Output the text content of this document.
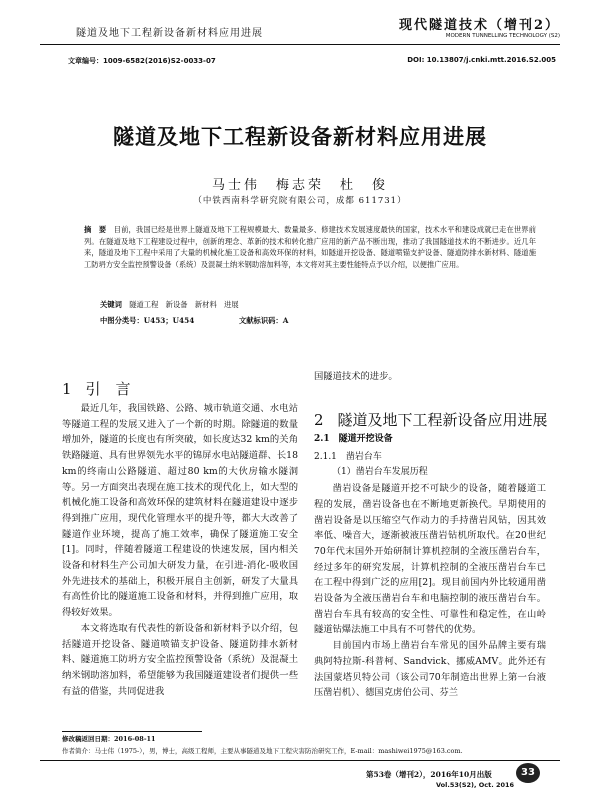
隧道及地下工程新设备新材料应用进展
现代隧道技术（增刊2）
MODERN TUNNELLING TECHNOLOGY (S2)
文章编号：1009-6582(2016)S2-0033-07	DOI: 10.13807/j.cnki.mtt.2016.S2.005
隧道及地下工程新设备新材料应用进展
马士伟　梅志荣　杜　俊
（中铁西南科学研究院有限公司，成都 611731）
摘　要　 目前，我国已经是世界上隧道及地下工程规模最大、数量最多、修建技术发展速度最快的国家，技术水平和建设成就已走在世界前列。在隧道及地下工程建设过程中，创新的理念、革新的技术和转化推广应用的新产品不断出现，推动了我国隧道技术的不断进步。近几年来，隧道及地下工程中采用了大量的机械化施工设备和高效环保的材料，如隧道开挖设备、隧道喷锚支护设备、隧道防排水新材料、隧道施工防坍方安全监控预警设备（系统）及混凝土纳米钢助溶加料等，本文将对其主要性能特点予以介绍，以便推广应用。
关键词　 隧道工程　新设备　新材料　进展
中图分类号：U453；U454	文献标识码：A
1 引　言

最近几年，我国铁路、公路、城市轨道交通、水电站等隧道工程的发展又进入了一个新的时期。除隧道的数量增加外，隧道的长度也有所突破，如长度达32 km的关角铁路隧道、具有世界领先水平的锦屏水电站隧道群、长18 km的终南山公路隧道、超过80 km的大伙房输水隧洞等。另一方面突出表现在施工技术的现代化上，如大型的机械化施工设备和高效环保的建筑材料在隧道建设中逐步得到推广应用，现代化管理水平的提升等，都大大改善了隧道作业环境，提高了施工效率，确保了隧道施工安全[1]。同时，伴随着隧道工程建设的快速发展，国内相关设备和材料生产公司加大研发力量，在引进-消化-吸收国外先进技术的基础上，积极开展自主创新，研发了大量具有高性价比的隧道施工设备和材料，并得到推广应用，取得较好效果。

本文将选取有代表性的新设备和新材料予以介绍，包括隧道开挖设备、隧道喷锚支护设备、隧道防排水新材料、隧道施工防坍方安全监控预警设备（系统）及混凝土纳米钢助溶加料，希望能够为我国隧道建设者们提供一些有益的借鉴，共同促进我

国隧道技术的进步。

2 隧道及地下工程新设备应用进展
2.1　隧道开挖设备
2.1.1　凿岩台车
（1）凿岩台车发展历程

凿岩设备是隧道开挖不可缺少的设备，随着隧道工程的发展，凿岩设备也在不断地更新换代。早期使用的凿岩设备是以压缩空气作动力的手持凿岩风钻，因其效率低、噪音大，逐渐被液压凿岩钻机所取代。在20世纪70年代末国外开始研制计算机控制的全液压凿岩台车，经过多年的研究发展，计算机控制的全液压凿岩台车已在工程中得到广泛的应用[2]。现目前国内外比较通用凿岩设备为全液压凿岩台车和电脑控制的液压凿岩台车。凿岩台车具有较高的安全性、可靠性和稳定性，在山岭隧道钻爆法施工中具有不可替代的优势。

目前国内市场上凿岩台车常见的国外品牌主要有瑞典阿特拉斯-科普柯、Sandvick、挪威AMV。此外还有法国蒙塔贝特公司（该公司70年制造出世界上第一台液压凿岩机）、德国克虏伯公司、芬兰

修改稿返回日期：2016-08-11
作者简介：马士伟（1975-），男，博士，高级工程师，主要从事隧道及地下工程灾害防治研究工作，E-mail：mashiwei1975@163.com.
第53卷（增刊2），2016年10月出版	33
Vol.53(S2), Oct. 2016
